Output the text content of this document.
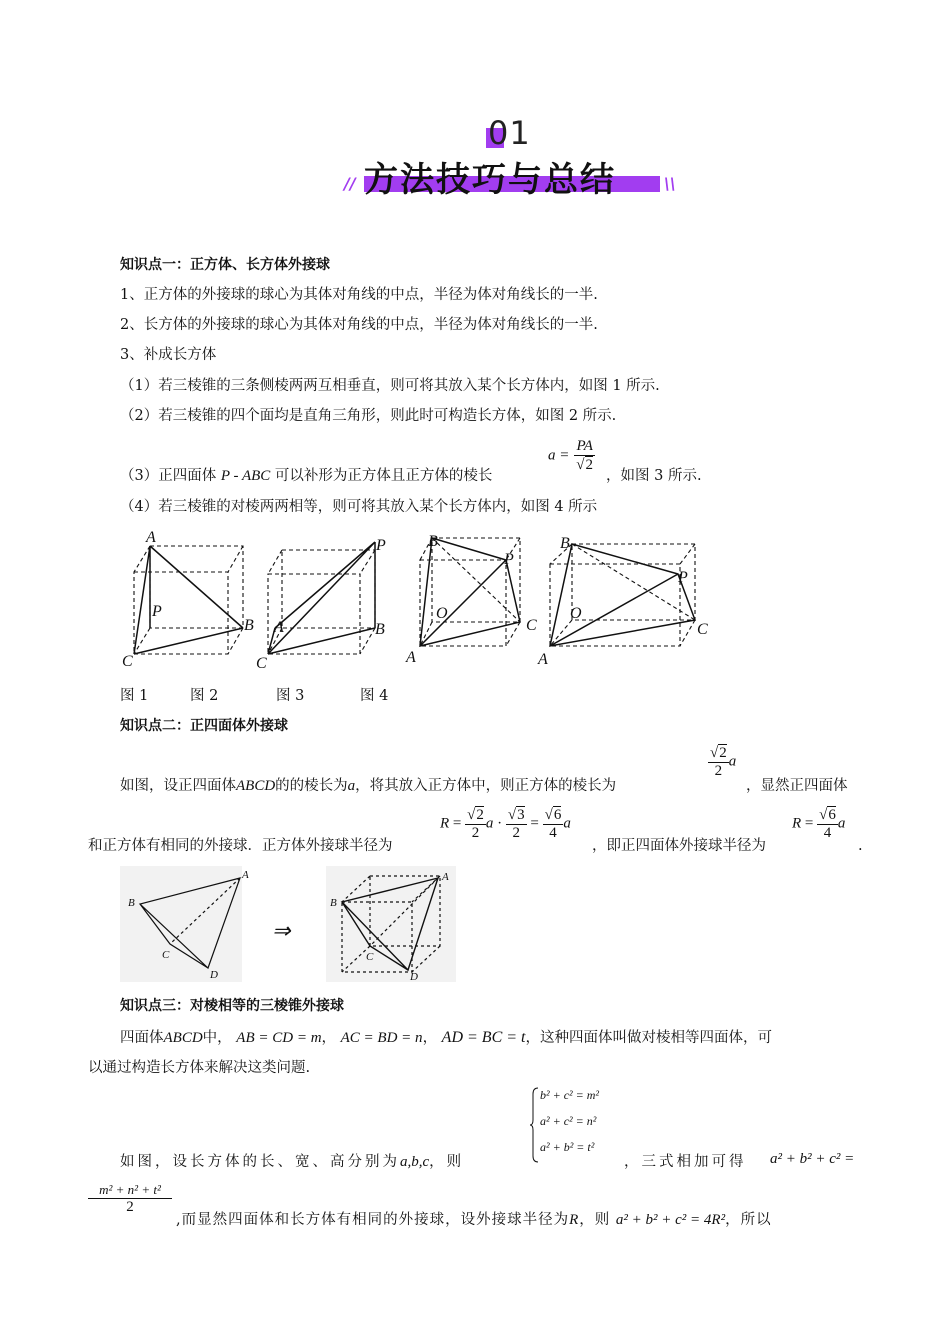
01
//	\\
方法技巧与总结
知识点一：正方体、长方体外接球
1、正方体的外接球的球心为其体对角线的中点，半径为体对角线长的一半.
2、长方体的外接球的球心为其体对角线的中点，半径为体对角线长的一半.
3、补成长方体
（1）若三棱锥的三条侧棱两两互相垂直，则可将其放入某个长方体内，如图 1 所示.
（2）若三棱锥的四个面均是直角三角形，则此时可构造长方体，如图 2 所示.
（3）正四面体 P - ABC 可以补形为正方体且正方体的棱长
$a = \frac{PA}{√2}$
，如图 3 所示.
（4）若三棱锥的对棱两两相等，则可将其放入某个长方体内，如图 4 所示
A
P
B
C
P
A	B
C
B
P
O
C
A
B
P
O
C
A
图 1	图 2	图 3	图 4
知识点二：正四面体外接球
如图，设正四面体ABCD的的棱长为a，将其放入正方体中，则正方体的棱长为
$\frac{√2}{2}$ a
，显然正四面体
和正方体有相同的外接球．正方体外接球半径为
$R = \frac{√2}{2}$ $a \cdot \frac{√3}{2} = \frac{√6}{4}$ a
，即正四面体外接球半径为
$R = \frac{√6}{4}$ a
.
A
B
C
D
A
B
C
D
⇒
知识点三：对棱相等的三棱锥外接球
四面体ABCD中， AB = CD = m， AC = BD = n， AD = BC = t，这种四面体叫做对棱相等四面体，可
以通过构造长方体来解决这类问题.
b² + c² = m²
a² + c² = n²
a² + b² = t²
如图，设长方体的长、宽、高分别为a,b,c，则	，三式相加可得 a² + b² + c² =
$\frac{\text{m² + n² + t²}}{2}$
,而显然四面体和长方体有相同的外接球，设外接球半径为R，则 a² + b² + c² = 4R²，所以
